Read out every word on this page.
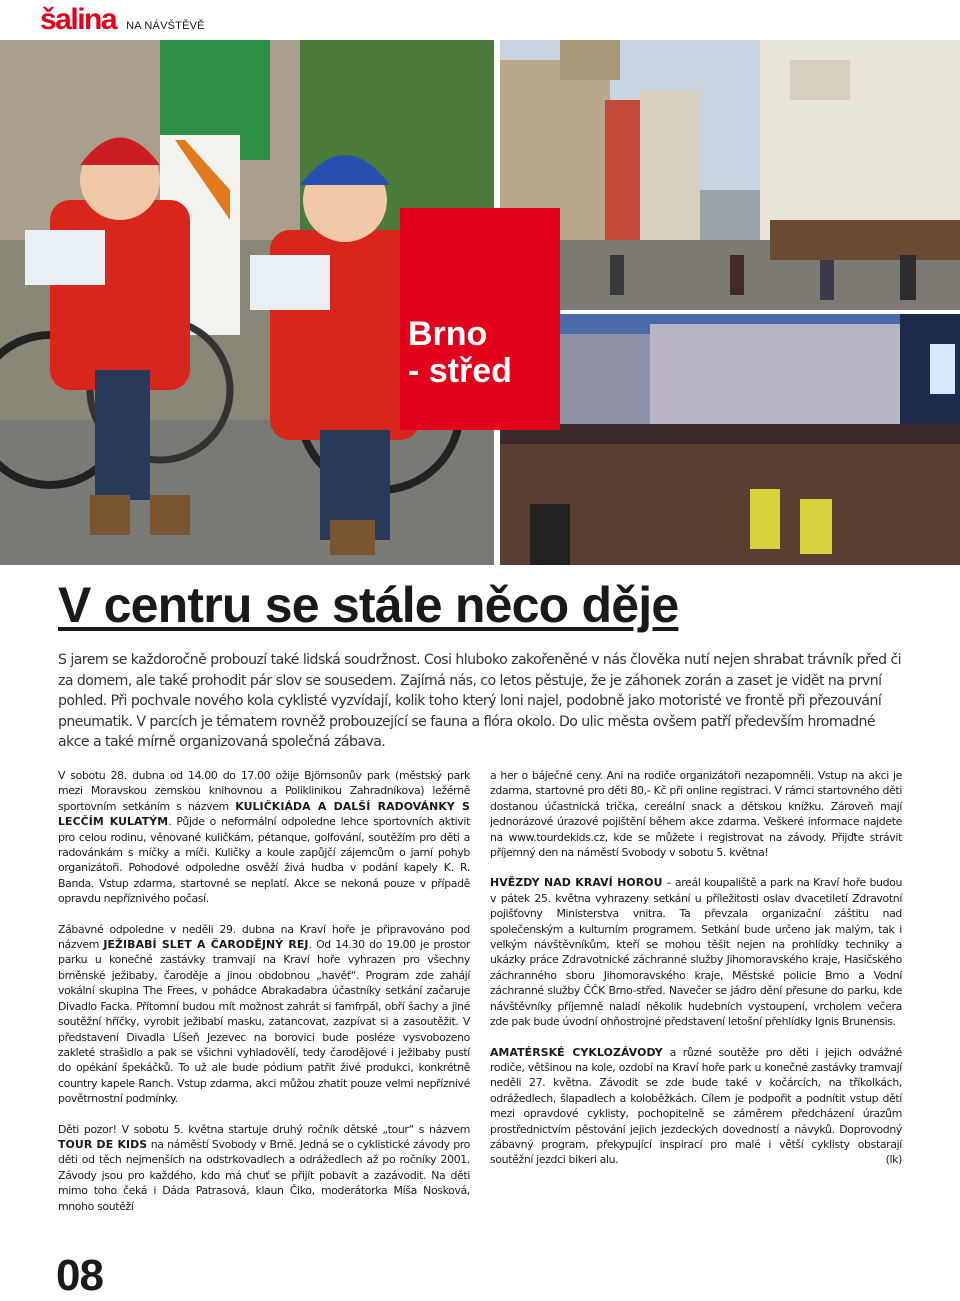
šalina NA NÁVŠTĚVĚ
Brno
- střed
V centru se stále něco děje

S jarem se každoročně probouzí také lidská soudržnost. Cosi hluboko zakořeněné v nás člověka nutí nejen shrabat trávník před či za domem, ale také prohodit pár slov se sousedem. Zajímá nás, co letos pěstuje, že je záhonek zorán a zaset je vidět na první pohled. Při pochvale nového kola cyklisté vyzvídají, kolik toho který loni najel, podobně jako motoristé ve frontě při přezouvání pneumatik. V parcích je tématem rovněž probouzející se fauna a flóra okolo. Do ulic města ovšem patří především hromadné akce a také mírně organizovaná společná zábava.

V sobotu 28. dubna od 14.00 do 17.00 ožije Björnsonův park (městský park mezi Moravskou zemskou knihovnou a Poliklinikou Zahradníkova) ležérně sportovním setkáním s názvem KULIČKIÁDA A DALŠÍ RADOVÁNKY S LECČÍM KULATÝM. Půjde o neformální odpoledne lehce sportovních aktivit pro celou rodinu, věnované kuličkám, pétanque, golfování, soutěžím pro děti a radovánkám s míčky a míči. Kuličky a koule zapůjčí zájemcům o jarní pohyb organizátoři. Pohodové odpoledne osvěží živá hudba v podání kapely K. R. Banda. Vstup zdarma, startovné se neplatí. Akce se nekoná pouze v případě opravdu nepříznivého počasí.

Zábavné odpoledne v neděli 29. dubna na Kraví hoře je připravováno pod názvem JEŽIBABÍ SLET A ČARODĚJNÝ REJ. Od 14.30 do 19.00 je prostor parku u konečné zastávky tramvají na Kraví hoře vyhrazen pro všechny brněnské ježibaby, čaroděje a jinou obdobnou „havěť“. Program zde zahájí vokální skupina The Frees, v pohádce Abrakadabra účastníky setkání začaruje Divadlo Facka. Přítomní budou mít možnost zahrát si famfrpál, obří šachy a jiné soutěžní hříčky, vyrobit ježibabí masku, zatancovat, zazpívat si a zasoutěžit. V představení Divadla Líšeň Jezevec na borovici bude posléze vysvobozeno zakleté strašidlo a pak se všichni vyhladovělí, tedy čarodějové i ježibaby pustí do opékání špekáčků. To už ale bude pódium patřit živé produkci, konkrétně country kapele Ranch. Vstup zdarma, akci můžou zhatit pouze velmi nepříznivé povětrnostní podmínky.

Děti pozor! V sobotu 5. května startuje druhý ročník dětské „tour“ s názvem TOUR DE KIDS na náměstí Svobody v Brně. Jedná se o cyklistické závody pro děti od těch nejmenších na odstrkovadlech a odrážedlech až po ročníky 2001. Závody jsou pro každého, kdo má chuť se přijít pobavit a zazávodit. Na děti mimo toho čeká i Dáda Patrasová, klaun Čiko, moderátorka Míša Nosková, mnoho soutěží

a her o báječné ceny. Ani na rodiče organizátoři nezapomněli. Vstup na akci je zdarma, startovné pro děti 80,- Kč při online registraci. V rámci startovného děti dostanou účastnická trička, cereální snack a dětskou knížku. Zároveň mají jednorázové úrazové pojištění během akce zdarma. Veškeré informace najdete na www.tourdekids.cz, kde se můžete i registrovat na závody. Přijďte strávit příjemný den na náměstí Svobody v sobotu 5. května!

HVĚZDY NAD KRAVÍ HOROU – areál koupaliště a park na Kraví hoře budou v pátek 25. května vyhrazeny setkání u příležitosti oslav dvacetiletí Zdravotní pojišťovny Ministerstva vnitra. Ta převzala organizační záštitu nad společenským a kulturním programem. Setkání bude určeno jak malým, tak i velkým návštěvníkům, kteří se mohou těšit nejen na prohlídky techniky a ukázky práce Zdravotnické záchranné služby Jihomoravského kraje, Hasičského záchranného sboru Jihomoravského kraje, Městské policie Brno a Vodní záchranné služby ČČK Brno-střed. Navečer se jádro dění přesune do parku, kde návštěvníky příjemně naladí několik hudebních vystoupení, vrcholem večera zde pak bude úvodní ohňostrojné představení letošní přehlídky Ignis Brunensis.

AMATÉRSKÉ CYKLOZÁVODY a různé soutěže pro děti i jejich odvážné rodiče, většinou na kole, ozdobí na Kraví hoře park u konečné zastávky tramvají neděli 27. května. Závodit se zde bude také v kočárcích, na tříkolkách, odrážedlech, šlapadlech a koloběžkách. Cílem je podpořit a podnítit vstup dětí mezi opravdové cyklisty, pochopitelně se záměrem předcházení úrazům prostřednictvím pěstování jejich jezdeckých dovedností a návyků. Doprovodný zábavný program, překypující inspirací pro malé i větší cyklisty obstarají soutěžní jezdci bikeri alu.	(lk)

08
